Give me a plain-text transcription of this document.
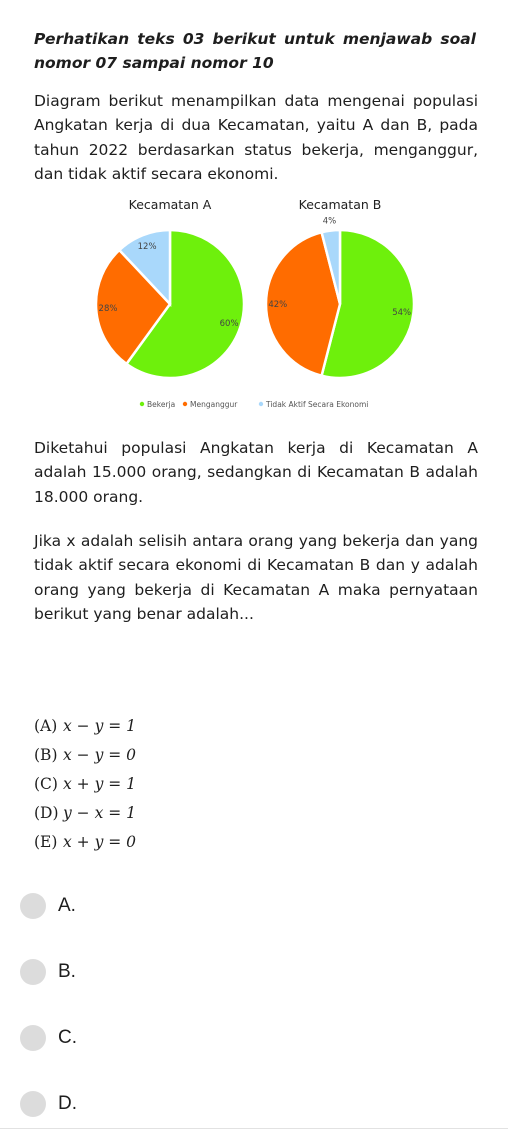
Perhatikan teks 03 berikut untuk menjawab soal nomor 07 sampai nomor 10
Diagram berikut menampilkan data mengenai populasi Angkatan kerja di dua Kecamatan, yaitu A dan B, pada tahun 2022 berdasarkan status bekerja, menganggur, dan tidak aktif secara ekonomi.
Kecamatan A
60%
28%
12%
Kecamatan B
54%
42%
4%
Bekerja Menganggur	Tidak Aktif Secara Ekonomi
Diketahui populasi Angkatan kerja di Kecamatan A adalah 15.000 orang, sedangkan di Kecamatan B adalah 18.000 orang.
Jika x adalah selisih antara orang yang bekerja dan yang tidak aktif secara ekonomi di Kecamatan B dan y adalah orang yang bekerja di Kecamatan A maka pernyataan berikut yang benar adalah...
(A) x − y = 1
(B) x − y = 0
(C) x + y = 1
(D) y − x = 1
(E) x + y = 0
A.
B.
C.
D.
